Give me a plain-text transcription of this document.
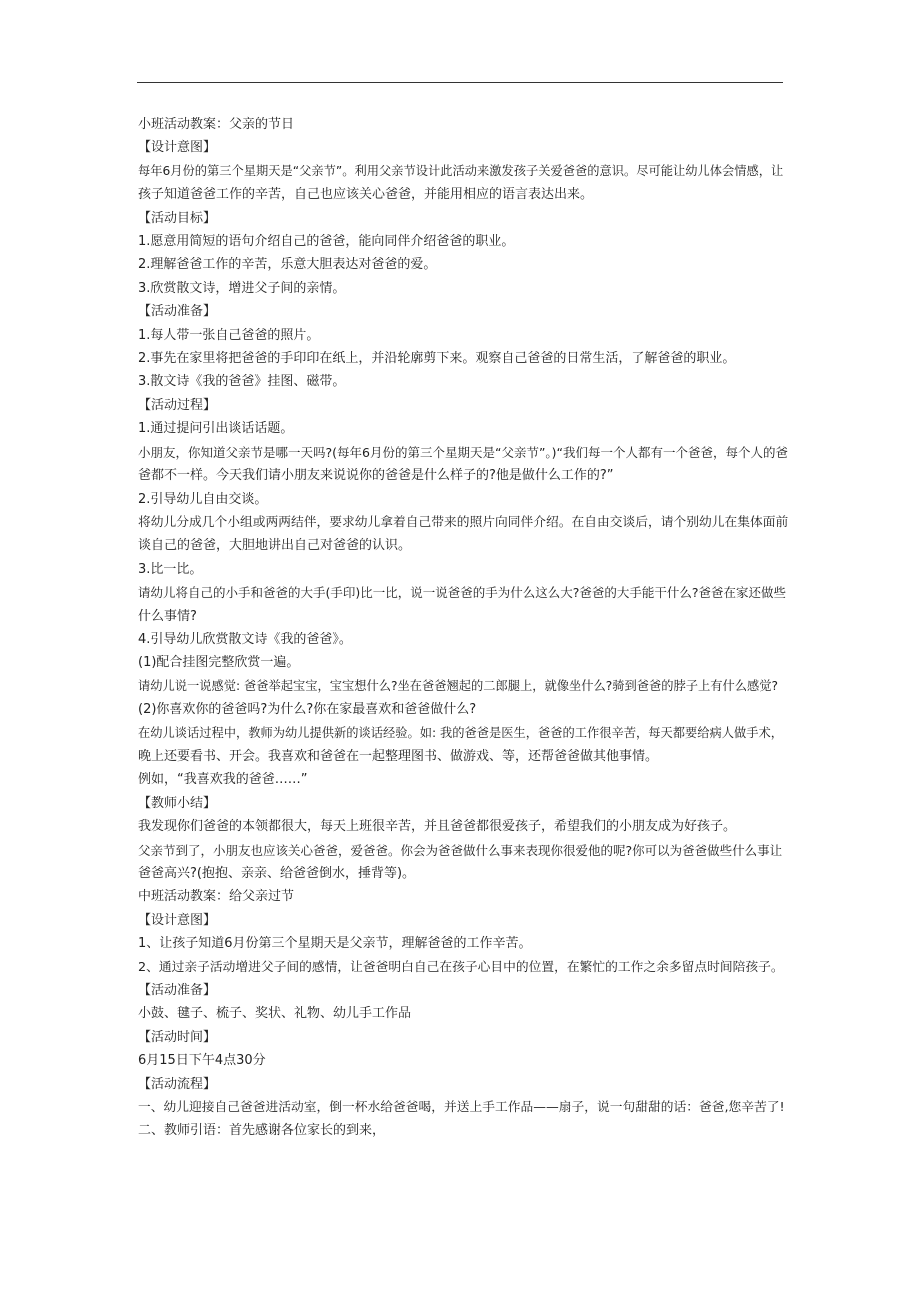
小班活动教案：父亲的节日

【设计意图】

每年6月份的第三个星期天是“父亲节”。利用父亲节设计此活动来激发孩子关爱爸爸的意识。尽可能让幼儿体会情感，让

孩子知道爸爸工作的辛苦，自己也应该关心爸爸，并能用相应的语言表达出来。

【活动目标】

1.愿意用简短的语句介绍自己的爸爸，能向同伴介绍爸爸的职业。

2.理解爸爸工作的辛苦，乐意大胆表达对爸爸的爱。

3.欣赏散文诗，增进父子间的亲情。

【活动准备】

1.每人带一张自己爸爸的照片。

2.事先在家里将把爸爸的手印印在纸上，并沿轮廓剪下来。观察自己爸爸的日常生活，了解爸爸的职业。

3.散文诗《我的爸爸》挂图、磁带。

【活动过程】

1.通过提问引出谈话话题。

小朋友，你知道父亲节是哪一天吗?(每年6月份的第三个星期天是“父亲节”。)“我们每一个人都有一个爸爸，每个人的爸

爸都不一样。今天我们请小朋友来说说你的爸爸是什么样子的?他是做什么工作的?”

2.引导幼儿自由交谈。

将幼儿分成几个小组或两两结伴，要求幼儿拿着自己带来的照片向同伴介绍。在自由交谈后，请个别幼儿在集体面前

谈自己的爸爸，大胆地讲出自己对爸爸的认识。

3.比一比。

请幼儿将自己的小手和爸爸的大手(手印)比一比，说一说爸爸的手为什么这么大?爸爸的大手能干什么?爸爸在家还做些

什么事情?

4.引导幼儿欣赏散文诗《我的爸爸》。

(1)配合挂图完整欣赏一遍。

请幼儿说一说感觉: 爸爸举起宝宝，宝宝想什么?坐在爸爸翘起的二郎腿上，就像坐什么?骑到爸爸的脖子上有什么感觉?

(2)你喜欢你的爸爸吗?为什么?你在家最喜欢和爸爸做什么?

在幼儿谈话过程中，教师为幼儿提供新的谈话经验。如: 我的爸爸是医生，爸爸的工作很辛苦，每天都要给病人做手术，

晚上还要看书、开会。我喜欢和爸爸在一起整理图书、做游戏、等，还帮爸爸做其他事情。

例如，“我喜欢我的爸爸……”

【教师小结】

我发现你们爸爸的本领都很大，每天上班很辛苦，并且爸爸都很爱孩子，希望我们的小朋友成为好孩子。

父亲节到了，小朋友也应该关心爸爸，爱爸爸。你会为爸爸做什么事来表现你很爱他的呢?你可以为爸爸做些什么事让

爸爸高兴?(抱抱、亲亲、给爸爸倒水，捶背等)。

中班活动教案：给父亲过节

【设计意图】

1、让孩子知道6月份第三个星期天是父亲节，理解爸爸的工作辛苦。

2、通过亲子活动增进父子间的感情，让爸爸明白自己在孩子心目中的位置，在繁忙的工作之余多留点时间陪孩子。

【活动准备】

小鼓、毽子、梳子、奖状、礼物、幼儿手工作品

【活动时间】

6月15日下午4点30分

【活动流程】

一、幼儿迎接自己爸爸进活动室，倒一杯水给爸爸喝，并送上手工作品——扇子，说一句甜甜的话：爸爸,您辛苦了!

二、教师引语：首先感谢各位家长的到来，
